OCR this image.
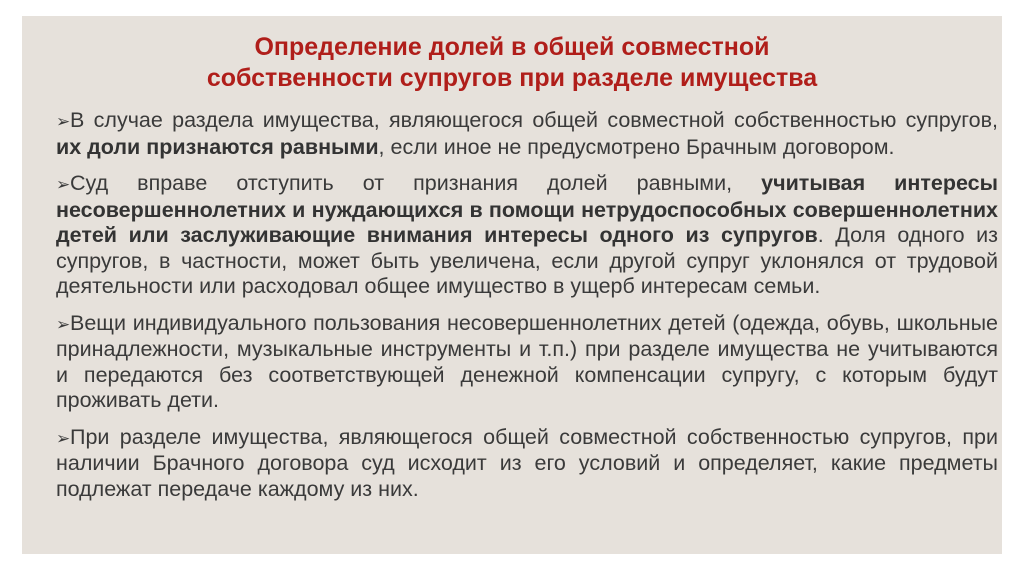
Определение долей в общей совместной
собственности супругов при разделе имущества

➢В случае раздела имущества, являющегося общей совместной собственностью супругов, их доли признаются равными, если иное не предусмотрено Брачным договором.

➢Суд вправе отступить от признания долей равными, учитывая интересы несовершеннолетних и нуждающихся в помощи нетрудоспособных совершеннолетних детей или заслуживающие внимания интересы одного из супругов. Доля одного из супругов, в частности, может быть увеличена, если другой супруг уклонялся от трудовой деятельности или расходовал общее имущество в ущерб интересам семьи.

➢Вещи индивидуального пользования несовершеннолетних детей (одежда, обувь, школьные принадлежности, музыкальные инструменты и т.п.) при разделе имущества не учитываются и передаются без соответствующей денежной компенсации супругу, с которым будут проживать дети.

➢При разделе имущества, являющегося общей совместной собственностью супругов, при наличии Брачного договора суд исходит из его условий и определяет, какие предметы подлежат передаче каждому из них.
